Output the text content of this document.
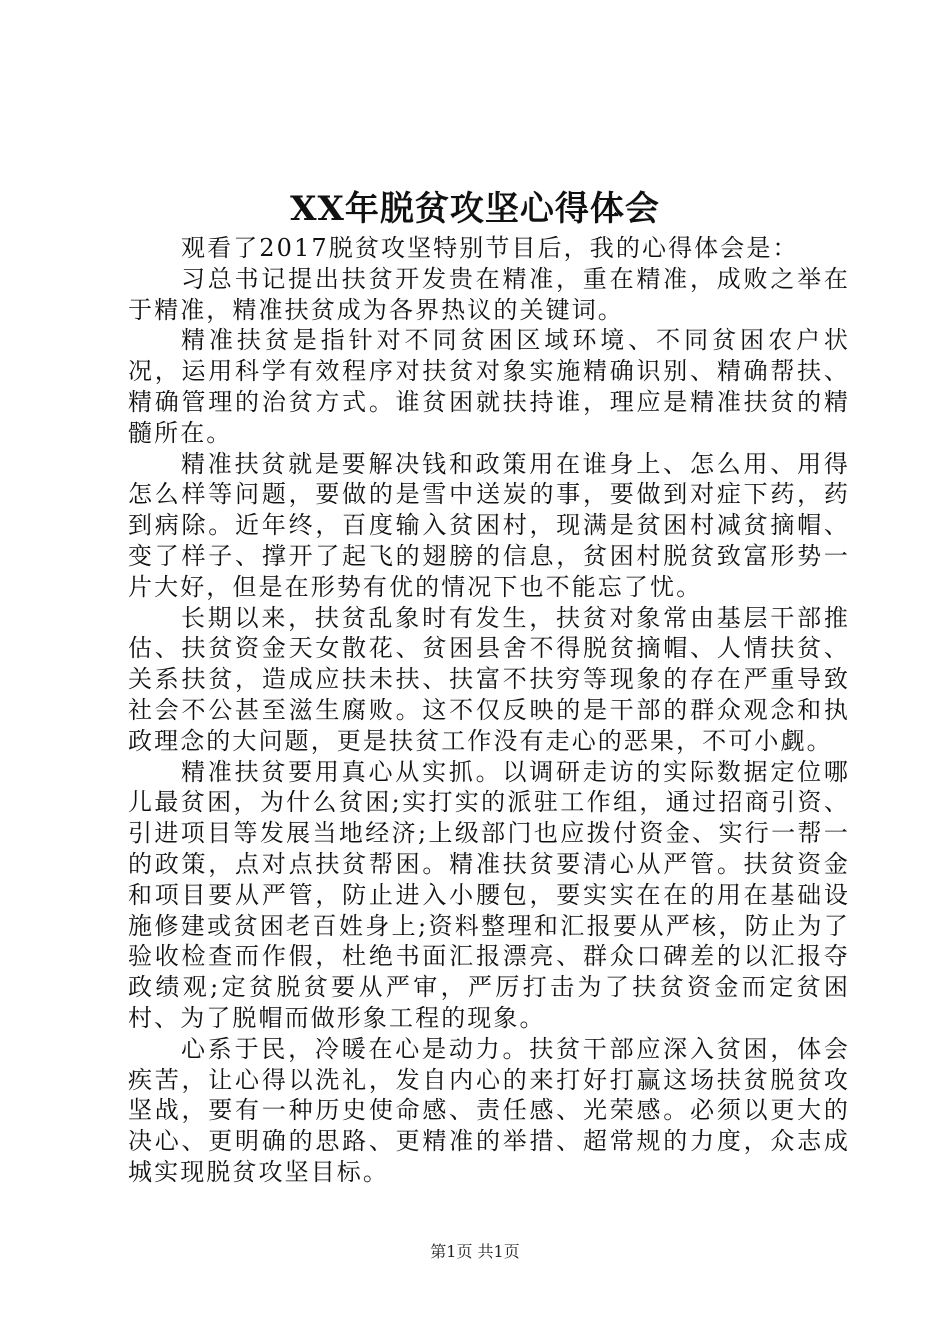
XX年脱贫攻坚心得体会

观看了2017脱贫攻坚特别节目后，我的心得体会是：

习总书记提出扶贫开发贵在精准，重在精准，成败之举在于精准，精准扶贫成为各界热议的关键词。

精准扶贫是指针对不同贫困区域环境、不同贫困农户状况，运用科学有效程序对扶贫对象实施精确识别、精确帮扶、精确管理的治贫方式。谁贫困就扶持谁，理应是精准扶贫的精髓所在。

精准扶贫就是要解决钱和政策用在谁身上、怎么用、用得怎么样等问题，要做的是雪中送炭的事，要做到对症下药，药到病除。近年终，百度输入贫困村，现满是贫困村减贫摘帽、变了样子、撑开了起飞的翅膀的信息，贫困村脱贫致富形势一片大好，但是在形势有优的情况下也不能忘了忧。

长期以来，扶贫乱象时有发生，扶贫对象常由基层干部推估、扶贫资金天女散花、贫困县舍不得脱贫摘帽、人情扶贫、关系扶贫，造成应扶未扶、扶富不扶穷等现象的存在严重导致社会不公甚至滋生腐败。这不仅反映的是干部的群众观念和执政理念的大问题，更是扶贫工作没有走心的恶果，不可小觑。

精准扶贫要用真心从实抓。以调研走访的实际数据定位哪儿最贫困，为什么贫困;实打实的派驻工作组，通过招商引资、引进项目等发展当地经济;上级部门也应拨付资金、实行一帮一的政策，点对点扶贫帮困。精准扶贫要清心从严管。扶贫资金和项目要从严管，防止进入小腰包，要实实在在的用在基础设施修建或贫困老百姓身上;资料整理和汇报要从严核，防止为了验收检查而作假，杜绝书面汇报漂亮、群众口碑差的以汇报夺政绩观;定贫脱贫要从严审，严厉打击为了扶贫资金而定贫困村、为了脱帽而做形象工程的现象。

心系于民，冷暖在心是动力。扶贫干部应深入贫困，体会疾苦，让心得以洗礼，发自内心的来打好打赢这场扶贫脱贫攻坚战，要有一种历史使命感、责任感、光荣感。必须以更大的决心、更明确的思路、更精准的举措、超常规的力度，众志成城实现脱贫攻坚目标。

第1页 共1页
